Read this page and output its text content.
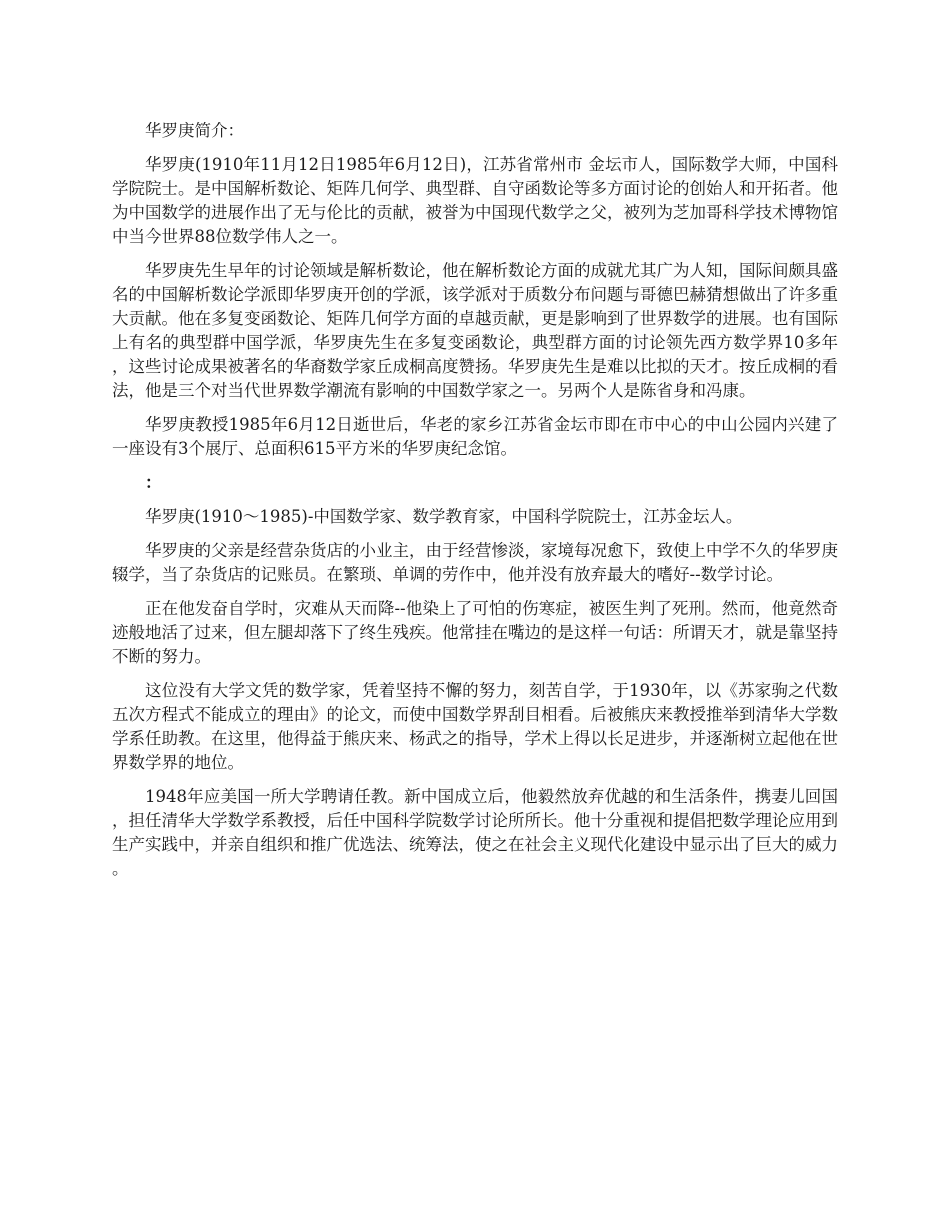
华罗庚简介：

华罗庚(1910年11月12日1985年6月12日)，江苏省常州市 金坛市人，国际数学大师，中国科学院院士。是中国解析数论、矩阵几何学、典型群、自守函数论等多方面讨论的创始人和开拓者。他为中国数学的进展作出了无与伦比的贡献，被誉为中国现代数学之父，被列为芝加哥科学技术博物馆中当今世界88位数学伟人之一。

华罗庚先生早年的讨论领域是解析数论，他在解析数论方面的成就尤其广为人知，国际间颇具盛名的中国解析数论学派即华罗庚开创的学派，该学派对于质数分布问题与哥德巴赫猜想做出了许多重大贡献。他在多复变函数论、矩阵几何学方面的卓越贡献，更是影响到了世界数学的进展。也有国际上有名的典型群中国学派，华罗庚先生在多复变函数论，典型群方面的讨论领先西方数学界10多年，这些讨论成果被著名的华裔数学家丘成桐高度赞扬。华罗庚先生是难以比拟的天才。按丘成桐的看法，他是三个对当代世界数学潮流有影响的中国数学家之一。另两个人是陈省身和冯康。

华罗庚教授1985年6月12日逝世后，华老的家乡江苏省金坛市即在市中心的中山公园内兴建了一座设有3个展厅、总面积615平方米的华罗庚纪念馆。

：

华罗庚(1910～1985)-中国数学家、数学教育家，中国科学院院士，江苏金坛人。

华罗庚的父亲是经营杂货店的小业主，由于经营惨淡，家境每况愈下，致使上中学不久的华罗庚辍学，当了杂货店的记账员。在繁琐、单调的劳作中，他并没有放弃最大的嗜好--数学讨论。

正在他发奋自学时，灾难从天而降--他染上了可怕的伤寒症，被医生判了死刑。然而，他竟然奇迹般地活了过来，但左腿却落下了终生残疾。他常挂在嘴边的是这样一句话：所谓天才，就是靠坚持不断的努力。

这位没有大学文凭的数学家，凭着坚持不懈的努力，刻苦自学，于1930年，以《苏家驹之代数五次方程式不能成立的理由》的论文，而使中国数学界刮目相看。后被熊庆来教授推举到清华大学数学系任助教。在这里，他得益于熊庆来、杨武之的指导，学术上得以长足进步，并逐渐树立起他在世界数学界的地位。

1948年应美国一所大学聘请任教。新中国成立后，他毅然放弃优越的和生活条件，携妻儿回国，担任清华大学数学系教授，后任中国科学院数学讨论所所长。他十分重视和提倡把数学理论应用到生产实践中，并亲自组织和推广优选法、统筹法，使之在社会主义现代化建设中显示出了巨大的威力。
